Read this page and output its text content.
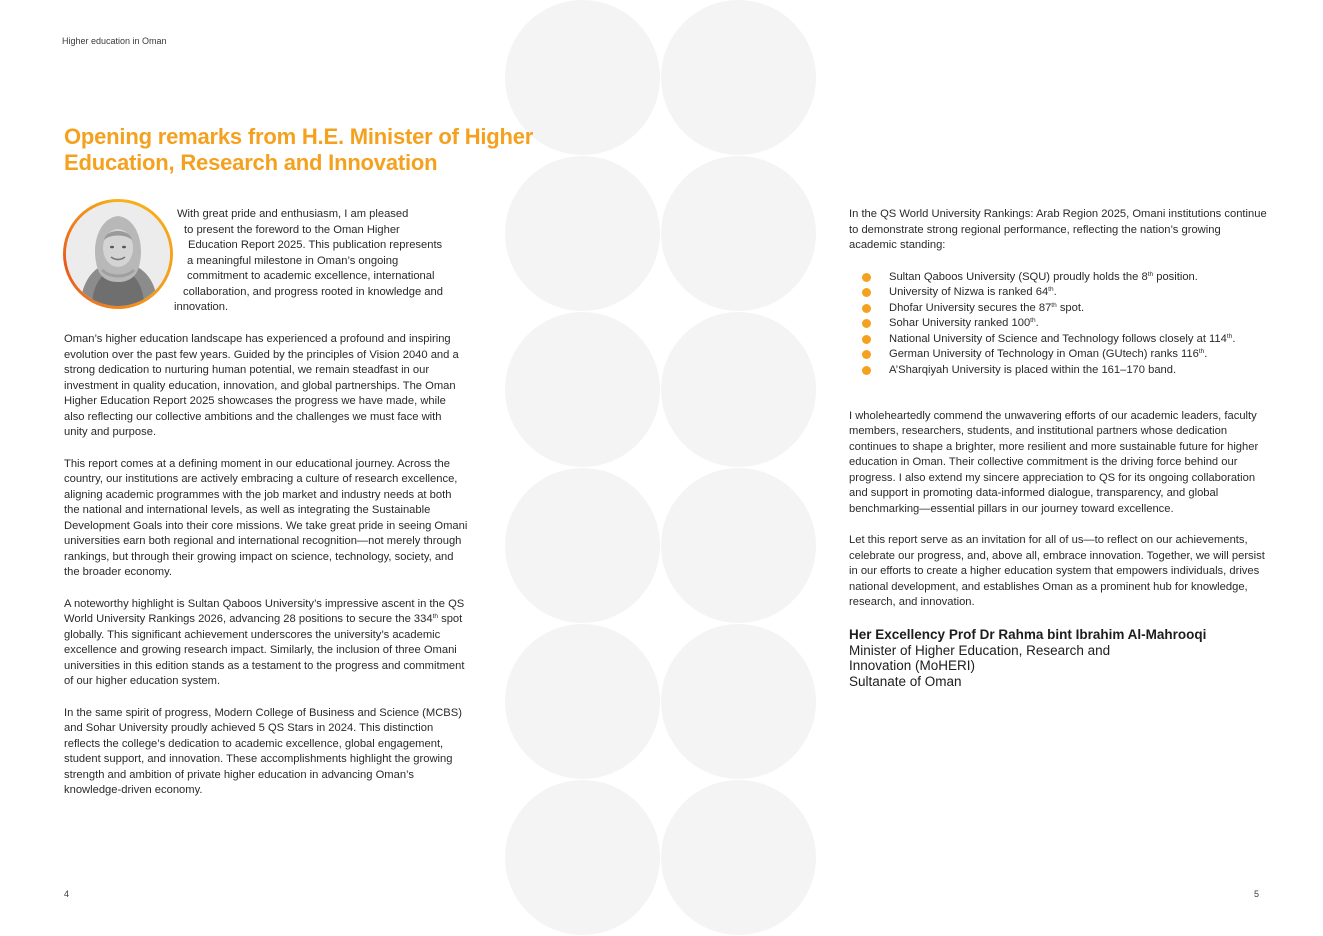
Higher education in Oman
Opening remarks from H.E. Minister of Higher Education, Research and Innovation
With great pride and enthusiasm, I am pleased
to present the foreword to the Oman Higher
Education Report 2025. This publication represents
a meaningful milestone in Oman’s ongoing
commitment to academic excellence, international
collaboration, and progress rooted in knowledge and
innovation.

Oman’s higher education landscape has experienced a profound and inspiring evolution over the past few years. Guided by the principles of Vision 2040 and a strong dedication to nurturing human potential, we remain steadfast in our investment in quality education, innovation, and global partnerships. The Oman Higher Education Report 2025 showcases the progress we have made, while also reflecting our collective ambitions and the challenges we must face with unity and purpose.

This report comes at a defining moment in our educational journey. Across the country, our institutions are actively embracing a culture of research excellence, aligning academic programmes with the job market and industry needs at both the national and international levels, as well as integrating the Sustainable Development Goals into their core missions. We take great pride in seeing Omani universities earn both regional and international recognition—not merely through rankings, but through their growing impact on science, technology, society, and the broader economy.

A noteworthy highlight is Sultan Qaboos University’s impressive ascent in the QS World University Rankings 2026, advancing 28 positions to secure the 334th spot globally. This significant achievement underscores the university’s academic excellence and growing research impact. Similarly, the inclusion of three Omani universities in this edition stands as a testament to the progress and commitment of our higher education system.

In the same spirit of progress, Modern College of Business and Science (MCBS) and Sohar University proudly achieved 5 QS Stars in 2024. This distinction reflects the college’s dedication to academic excellence, global engagement, student support, and innovation. These accomplishments highlight the growing strength and ambition of private higher education in advancing Oman’s knowledge-driven economy.

In the QS World University Rankings: Arab Region 2025, Omani institutions continue to demonstrate strong regional performance, reflecting the nation’s growing academic standing:

Sultan Qaboos University (SQU) proudly holds the 8th position.
University of Nizwa is ranked 64th.
Dhofar University secures the 87th spot.
Sohar University ranked 100th.
National University of Science and Technology follows closely at 114th.
German University of Technology in Oman (GUtech) ranks 116th.
A’Sharqiyah University is placed within the 161–170 band.

I wholeheartedly commend the unwavering efforts of our academic leaders, faculty members, researchers, students, and institutional partners whose dedication continues to shape a brighter, more resilient and more sustainable future for higher education in Oman. Their collective commitment is the driving force behind our progress. I also extend my sincere appreciation to QS for its ongoing collaboration and support in promoting data-informed dialogue, transparency, and global benchmarking—essential pillars in our journey toward excellence.

Let this report serve as an invitation for all of us—to reflect on our achievements, celebrate our progress, and, above all, embrace innovation. Together, we will persist in our efforts to create a higher education system that empowers individuals, drives national development, and establishes Oman as a prominent hub for knowledge, research, and innovation.

Her Excellency Prof Dr Rahma bint Ibrahim Al-Mahrooqi
Minister of Higher Education, Research and
Innovation (MoHERI)
Sultanate of Oman
4	5
